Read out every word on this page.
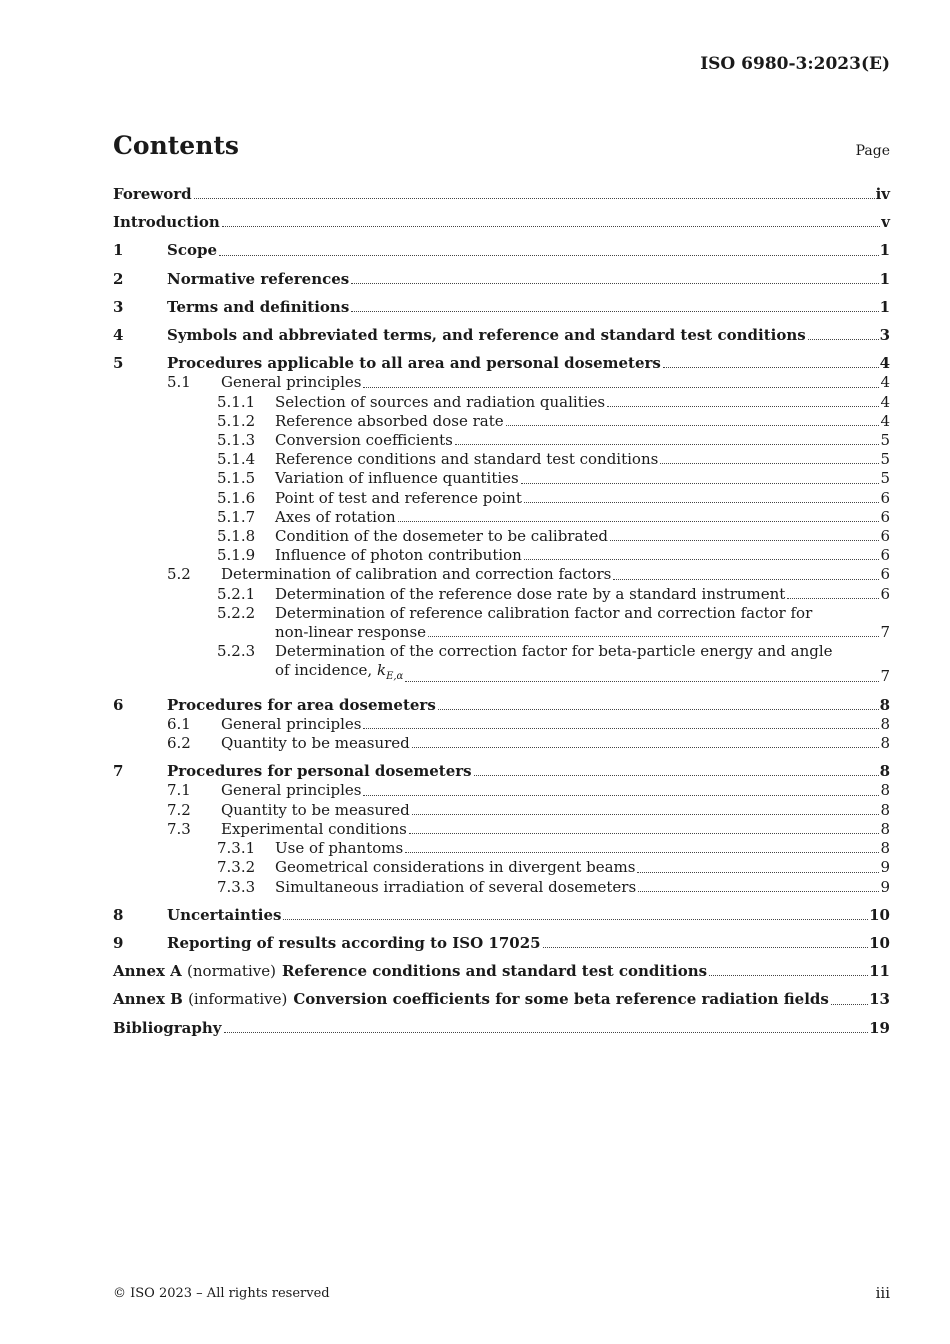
ISO 6980-3:2023(E)
Contents	Page
Foreword	iv
Introduction	v
1	Scope	1
2	Normative references	1
3	Terms and definitions	1
4	Symbols and abbreviated terms, and reference and standard test conditions	3
5	Procedures applicable to all area and personal dosemeters	4
5.1	General principles	4
5.1.1	Selection of sources and radiation qualities	4
5.1.2	Reference absorbed dose rate	4
5.1.3	Conversion coefficients	5
5.1.4	Reference conditions and standard test conditions	5
5.1.5	Variation of influence quantities	5
5.1.6	Point of test and reference point	6
5.1.7	Axes of rotation	6
5.1.8	Condition of the dosemeter to be calibrated	6
5.1.9	Influence of photon contribution	6
5.2	Determination of calibration and correction factors	6
5.2.1	Determination of the reference dose rate by a standard instrument	6
5.2.2	Determination of reference calibration factor and correction factor for
non-linear response	7
5.2.3	Determination of the correction factor for beta-particle energy and angle
of incidence, $k_{E,\alpha}$	7
6	Procedures for area dosemeters	8
6.1	General principles	8
6.2	Quantity to be measured	8
7	Procedures for personal dosemeters	8
7.1	General principles	8
7.2	Quantity to be measured	8
7.3	Experimental conditions	8
7.3.1	Use of phantoms	8
7.3.2	Geometrical considerations in divergent beams	9
7.3.3	Simultaneous irradiation of several dosemeters	9
8	Uncertainties	10
9	Reporting of results according to ISO 17025	10
Annex A (normative) Reference conditions and standard test conditions	11
Annex B (informative) Conversion coefficients for some beta reference radiation fields	13
Bibliography	19
© ISO 2023 – All rights reserved	iii
